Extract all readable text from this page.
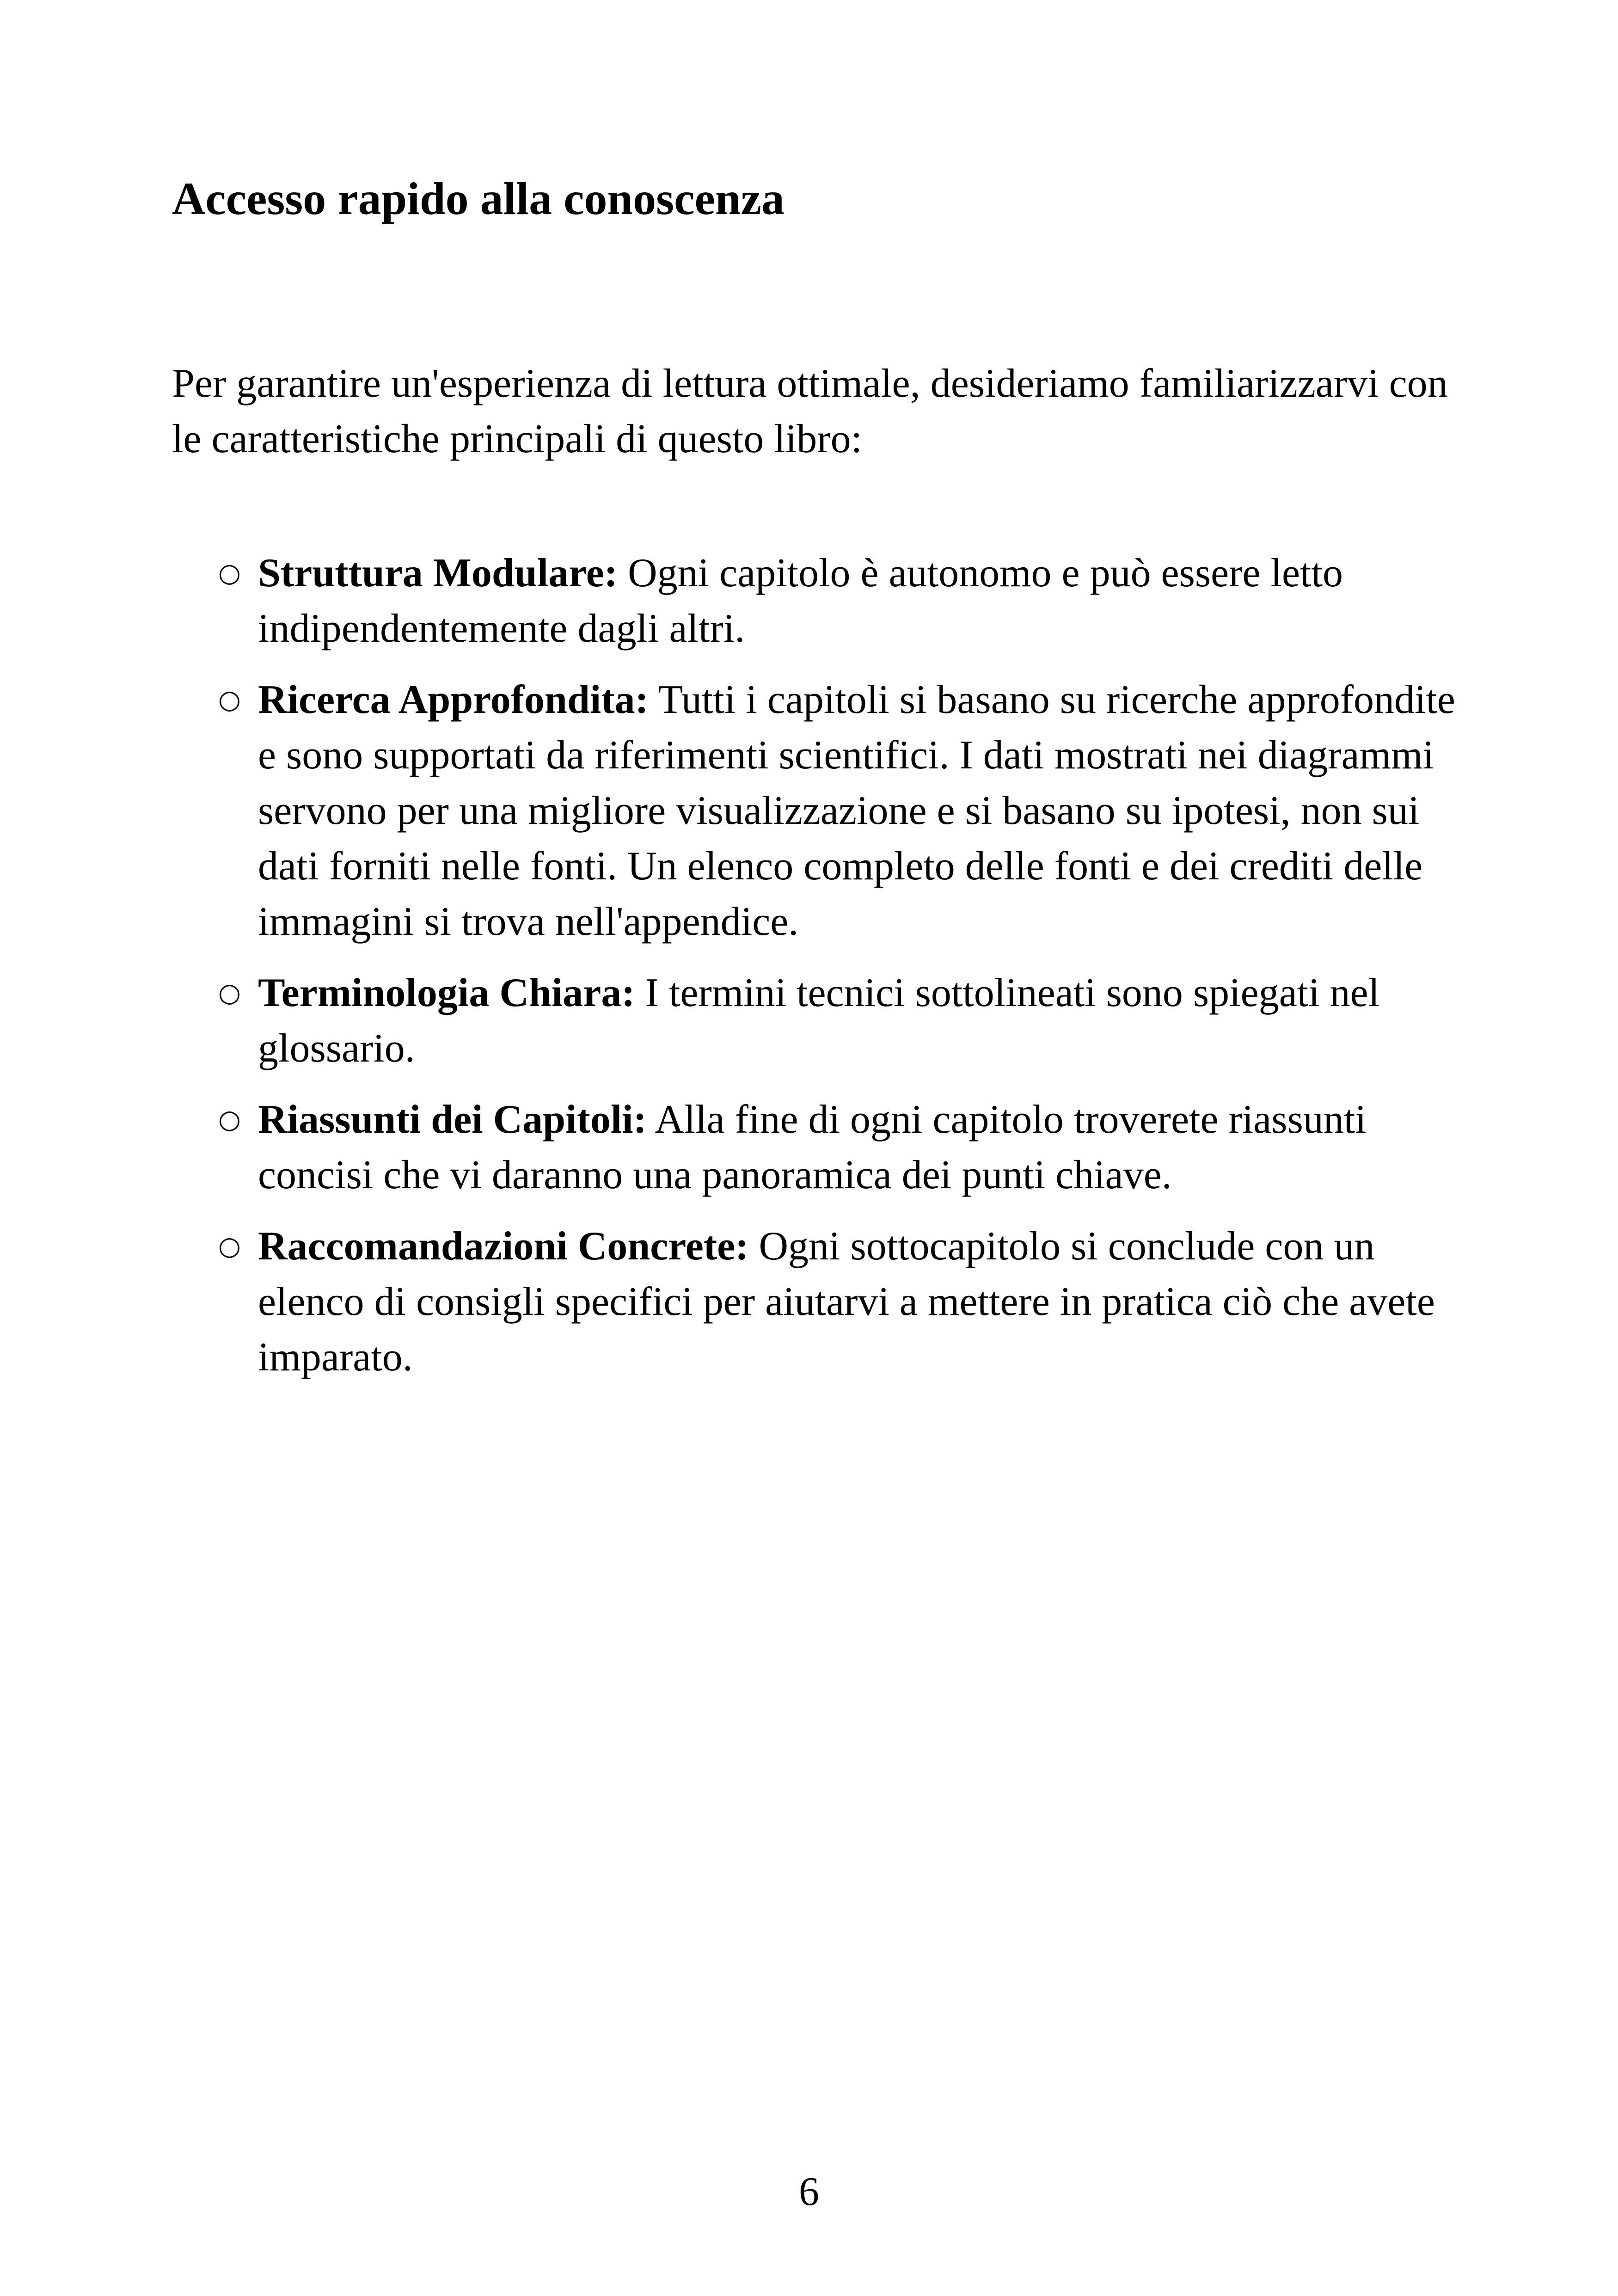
Accesso rapido alla conoscenza

Per garantire un'esperienza di lettura ottimale, desideriamo familiarizzarvi con le caratteristiche principali di questo libro:

○ Struttura Modulare: Ogni capitolo è autonomo e può essere letto indipendentemente dagli altri.
○ Ricerca Approfondita: Tutti i capitoli si basano su ricerche approfondite e sono supportati da riferimenti scientifici. I dati mostrati nei diagrammi servono per una migliore visualizzazione e si basano su ipotesi, non sui dati forniti nelle fonti. Un elenco completo delle fonti e dei crediti delle immagini si trova nell'appendice.
○ Terminologia Chiara: I termini tecnici sottolineati sono spiegati nel glossario.
○ Riassunti dei Capitoli: Alla fine di ogni capitolo troverete riassunti concisi che vi daranno una panoramica dei punti chiave.
○ Raccomandazioni Concrete: Ogni sottocapitolo si conclude con un elenco di consigli specifici per aiutarvi a mettere in pratica ciò che avete imparato.
6
